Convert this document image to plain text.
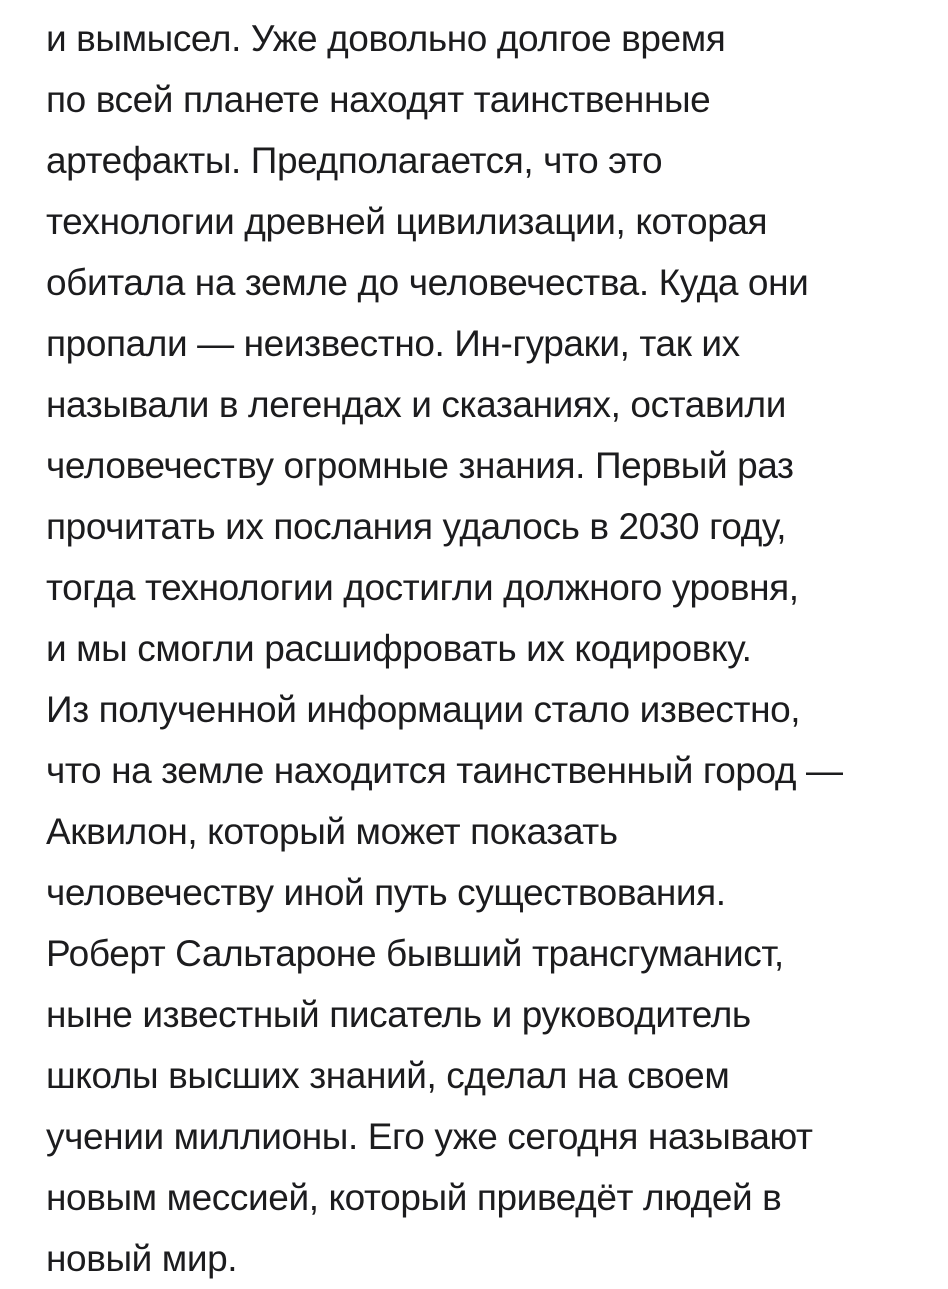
и вымысел. Уже довольно долгое время
по всей планете находят таинственные
артефакты. Предполагается, что это
технологии древней цивилизации, которая
обитала на земле до человечества. Куда они
пропали — неизвестно. Ин-гураки, так их
называли в легендах и сказаниях, оставили
человечеству огромные знания. Первый раз
прочитать их послания удалось в 2030 году,
тогда технологии достигли должного уровня,
и мы смогли расшифровать их кодировку.
Из полученной информации стало известно,
что на земле находится таинственный город —
Аквилон, который может показать
человечеству иной путь существования.
Роберт Сальтароне бывший трансгуманист,
ныне известный писатель и руководитель
школы высших знаний, сделал на своем
учении миллионы. Его уже сегодня называют
новым мессией, который приведёт людей в
новый мир.
